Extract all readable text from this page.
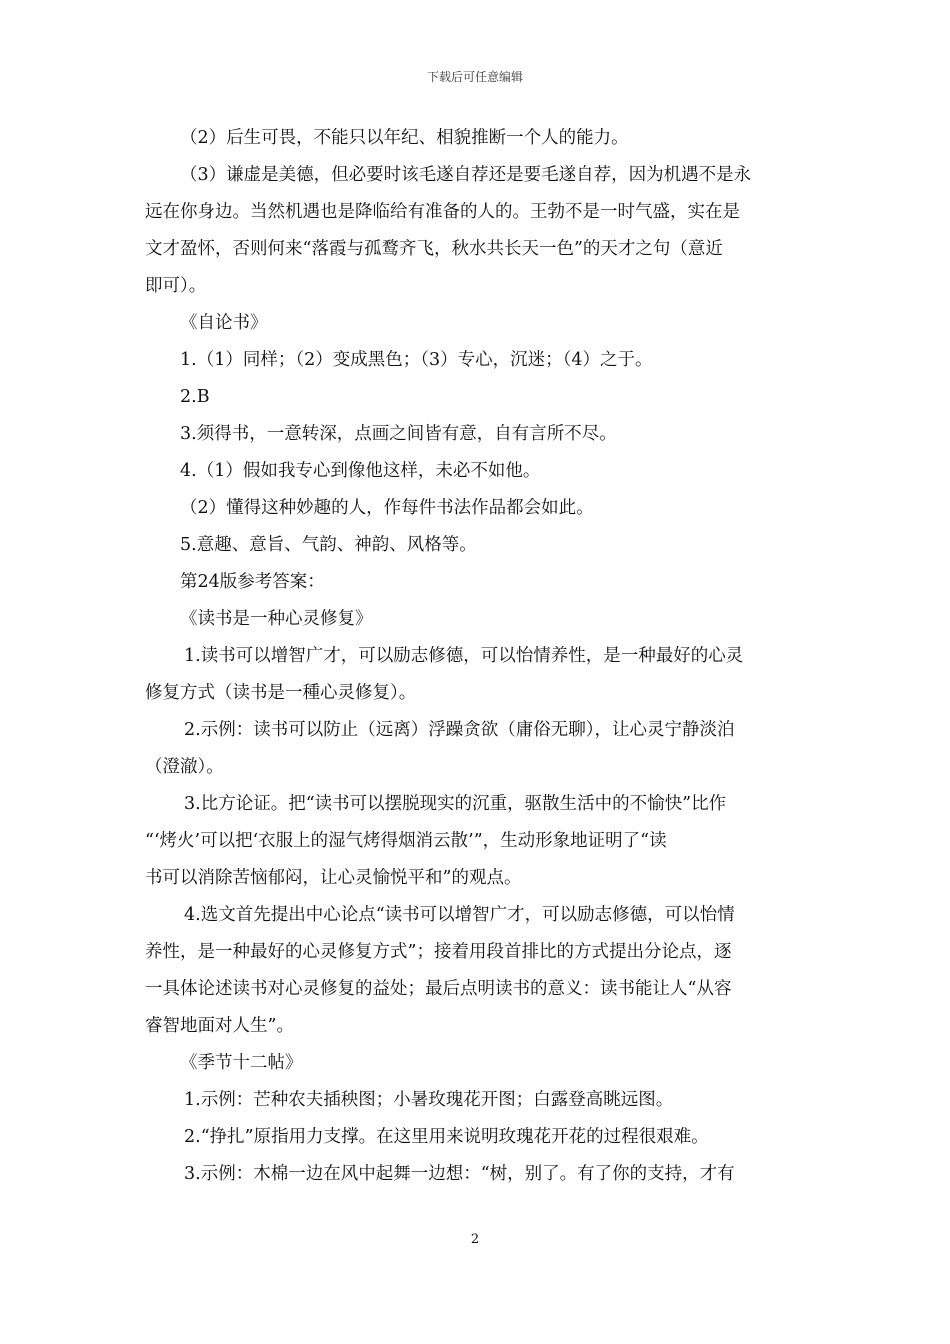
下载后可任意编辑

（2）后生可畏，不能只以年纪、相貌推断一个人的能力。

（3）谦虚是美德，但必要时该毛遂自荐还是要毛遂自荐，因为机遇不是永

远在你身边。当然机遇也是降临给有准备的人的。王勃不是一时气盛，实在是

文才盈怀，否则何来“落霞与孤鹜齐飞，秋水共长天一色”的天才之句（意近

即可）。

《自论书》

1.（1）同样；（2）变成黑色；（3）专心，沉迷；（4）之于。

2.B

3.须得书，一意转深，点画之间皆有意，自有言所不尽。

4.（1）假如我专心到像他这样，未必不如他。

（2）懂得这种妙趣的人，作每件书法作品都会如此。

5.意趣、意旨、气韵、神韵、风格等。

第24版参考答案：

《读书是一种心灵修复》

1.读书可以增智广才，可以励志修德，可以怡情养性，是一种最好的心灵

修复方式（读书是一種心灵修复）。

2.示例：读书可以防止（远离）浮躁贪欲（庸俗无聊），让心灵宁静淡泊

（澄澈）。

3.比方论证。把“读书可以摆脱现实的沉重，驱散生活中的不愉快”比作

“‘烤火’可以把‘衣服上的湿气烤得烟消云散’”，生动形象地证明了“读

书可以消除苦恼郁闷，让心灵愉悦平和”的观点。

4.选文首先提出中心论点“读书可以增智广才，可以励志修德，可以怡情

养性，是一种最好的心灵修复方式”；接着用段首排比的方式提出分论点，逐

一具体论述读书对心灵修复的益处；最后点明读书的意义：读书能让人“从容

睿智地面对人生”。

《季节十二帖》

1.示例：芒种农夫插秧图；小暑玫瑰花开图；白露登高眺远图。

2.“挣扎”原指用力支撑。在这里用来说明玫瑰花开花的过程很艰难。

3.示例：木棉一边在风中起舞一边想：“树，别了。有了你的支持，才有

2
